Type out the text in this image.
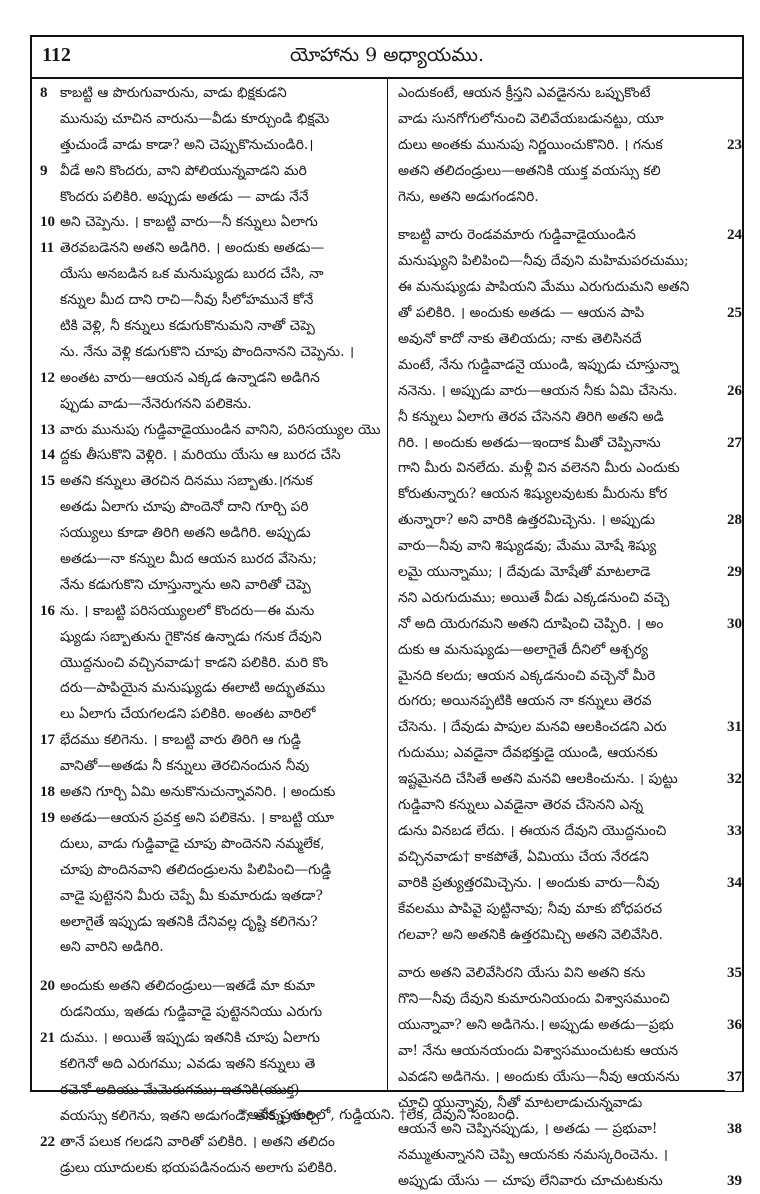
112	యోహాను 9 అధ్యాయము.
8 కాబట్టి ఆ పొరుగువారును, వాడు భిక్షకుడని
మునుపు చూచిన వారును—వీడు కూర్చుండి భిక్షమె
త్తుచుండే వాడు కాడా? అని చెప్పుకొనుచుండిరి.।
9 వీడే అని కొందరు, వాని పోలియున్నవాడని మరి
కొందరు పలికిరి. అప్పుడు అతడు — వాడు నేనే
10 అని చెప్పెను. । కాబట్టి వారు—నీ కన్నులు ఏలాగు
11 తెరవబడెనని అతని అడిగిరి. । అందుకు అతడు—
యేసు అనబడిన ఒక మనుష్యుడు బురద చేసి, నా
కన్నుల మీద దాని రాచి—నీవు సీలోహమునే కోనే
టికి వెళ్లి, నీ కన్నులు కడుగుకొనుమని నాతో చెప్పె
ను. నేను వెళ్లి కడుగుకొని చూపు పొందినానని చెప్పెను. ।
12 అంతట వారు—ఆయన ఎక్కడ ఉన్నాడని అడిగిన
ప్పుడు వాడు—నేనెరుగనని పలికెను.
13 వారు మునుపు గుడ్డివాడైయుండిన వానిని, పరిసయ్యుల యొ
14 ద్దకు తీసుకొని వెళ్లిరి. । మరియు యేసు ఆ బురద చేసి
15 అతని కన్నులు తెరచిన దినము సబ్బాతు.।గనుక
అతడు ఏలాగు చూపు పొందెనో దాని గూర్చి పరి
సయ్యులు కూడా తిరిగి అతని అడిగిరి. అప్పుడు
అతడు—నా కన్నుల మీద ఆయన బురద వేసెను;
నేను కడుగుకొని చూస్తున్నాను అని వారితో చెప్పె
16 ను. । కాబట్టి పరిసయ్యులలో కొందరు—ఈ మను
ష్యుడు సబ్బాతును గైకొనక ఉన్నాడు గనుక దేవుని
యొద్దనుంచి వచ్చినవాడు† కాడని పలికిరి. మరి కొం
దరు—పాపియైన మనుష్యుడు ఈలాటి అద్భుతము
లు ఏలాగు చేయగలడని పలికిరి. అంతట వారిలో
17 భేదము కలిగెను. । కాబట్టి వారు తిరిగి ఆ గుడ్డి
వానితో—అతడు నీ కన్నులు తెరచినందున నీవు
18 అతని గూర్చి ఏమి అనుకొనుచున్నావనిరి. । అందుకు
19 అతడు—ఆయన ప్రవక్త అని పలికెను. । కాబట్టి యూ
దులు, వాడు గుడ్డివాడై చూపు పొందెనని నమ్మలేక,
చూపు పొందినవాని తలిదండ్రులను పిలిపించి—గుడ్డి
వాడై పుట్టెనని మీరు చెప్పే మీ కుమారుడు ఇతడా?
అలాగైతే ఇప్పుడు ఇతనికి దేనివల్ల దృష్టి కలిగెను?
అని వారిని అడిగిరి.
20 అందుకు అతని తలిదండ్రులు—ఇతడే మా కుమా
రుడనియు, ఇతడు గుడ్డివాడై పుట్టెననియు ఎరుగు
21 దుము. । అయితే ఇప్పుడు ఇతనికి చూపు ఏలాగు
కలిగెనో అది ఎరుగము; ఎవడు ఇతని కన్నులు తె
రచెనో అదియు మేమెరుగము; ఇతనికి(యుక్త)
వయస్సు కలిగెను, ఇతని అడుగండి; తన్ను గూర్చి
22 తానే పలుక గలడని వారితో పలికిరి. । అతని తలిదం
డ్రులు యూదులకు భయపడినందున అలాగు పలికిరి.
ఎందుకంటే, ఆయన క్రీస్తని ఎవడైనను ఒప్పుకొంటే
వాడు సునగోగులోనుంచి వెలివేయబడునట్టు, యూ
దులు అంతకు మునుపు నిర్ణయించుకొనిరి. । గనుక	23
అతని తలిదండ్రులు—అతనికి యుక్త వయస్సు కలి
గెను, అతని అడుగండనిరి.
కాబట్టి వారు రెండవమారు గుడ్డివాడైయుండిన	24
మనుష్యుని పిలిపించి—నీవు దేవుని మహిమపరచుము;
ఈ మనుష్యుడు పాపియని మేము ఎరుగుదుమని అతని
తో పలికిరి. । అందుకు అతడు — ఆయన పాపి	25
అవునో కాదో నాకు తెలియదు; నాకు తెలిసినదే
మంటే, నేను గుడ్డివాడనై యుండి, ఇప్పుడు చూస్తున్నా
ననెను. । అప్పుడు వారు—ఆయన నీకు ఏమి చేసెను.	26
నీ కన్నులు ఏలాగు తెరవ చేసెనని తిరిగి అతని అడి
గిరి. । అందుకు అతడు—ఇందాక మీతో చెప్పినాను	27
గాని మీరు వినలేదు. మళ్లీ విన వలెనని మీరు ఎందుకు
కోరుతున్నారు? ఆయన శిష్యులవుటకు మీరును కోర
తున్నారా? అని వారికి ఉత్తరమిచ్చెను. । అప్పుడు	28
వారు—నీవు వాని శిష్యుడవు; మేము మోషే శిష్యు
లమై యున్నాము; । దేవుడు మోషేతో మాటలాడె	29
నని ఎరుగుదుము; అయితే వీడు ఎక్కడనుంచి వచ్చె
నో అది యెరుగమని అతని దూషించి చెప్పిరి. । అం	30
దుకు ఆ మనుష్యుడు—అలాగైతే దీనిలో ఆశ్చర్య
మైనది కలదు; ఆయన ఎక్కడనుంచి వచ్చెనో మీరె
రుగరు; అయినప్పటికి ఆయన నా కన్నులు తెరవ
చేసెను. । దేవుడు పాపుల మనవి ఆలకించడని ఎరు	31
గుదుము; ఎవడైనా దేవభక్తుడై యుండి, ఆయనకు
ఇష్టమైనది చేసితే అతని మనవి ఆలకించును. । పుట్టు	32
గుడ్డివాని కన్నులు ఎవడైనా తెరవ చేసెనని ఎన్న
డును వినబడ లేదు. । ఈయన దేవుని యొద్దనుంచి	33
వచ్చినవాడు† కాకపోతే, ఏమియు చేయ నేరడని
వారికి ప్రత్యుత్తరమిచ్చెను. । అందుకు వారు—నీవు	34
కేవలము పాపివై పుట్టినావు; నీవు మాకు బోధపరచ
గలవా? అని అతనికి ఉత్తరమిచ్చి అతని వెలివేసిరి.
వారు అతని వెలివేసిరని యేసు విని అతని కను	35
గొని—నీవు దేవుని కుమారునియందు విశ్వాసముంచి
యున్నావా? అని అడిగెను.। అప్పుడు అతడు—ప్రభు	36
వా! నేను ఆయనయందు విశ్వాసముంచుటకు ఆయన
ఎవడని అడిగెను. । అందుకు యేసు—నీవు ఆయనను	37
చూచి యున్నావు, నీతో మాటలాడుచున్నవాడు
ఆయనే అని చెప్పినప్పుడు, । అతడు — ప్రభువా!	38
నమ్ముతున్నానని చెప్పి ఆయనకు నమస్కరించెను. ।
అప్పుడు యేసు — చూపు లేనివారు చూచుటకును	39
*అనేక ప్రతులలో, గుడ్డియని. †లేక, దేవుని సంబంధి.
